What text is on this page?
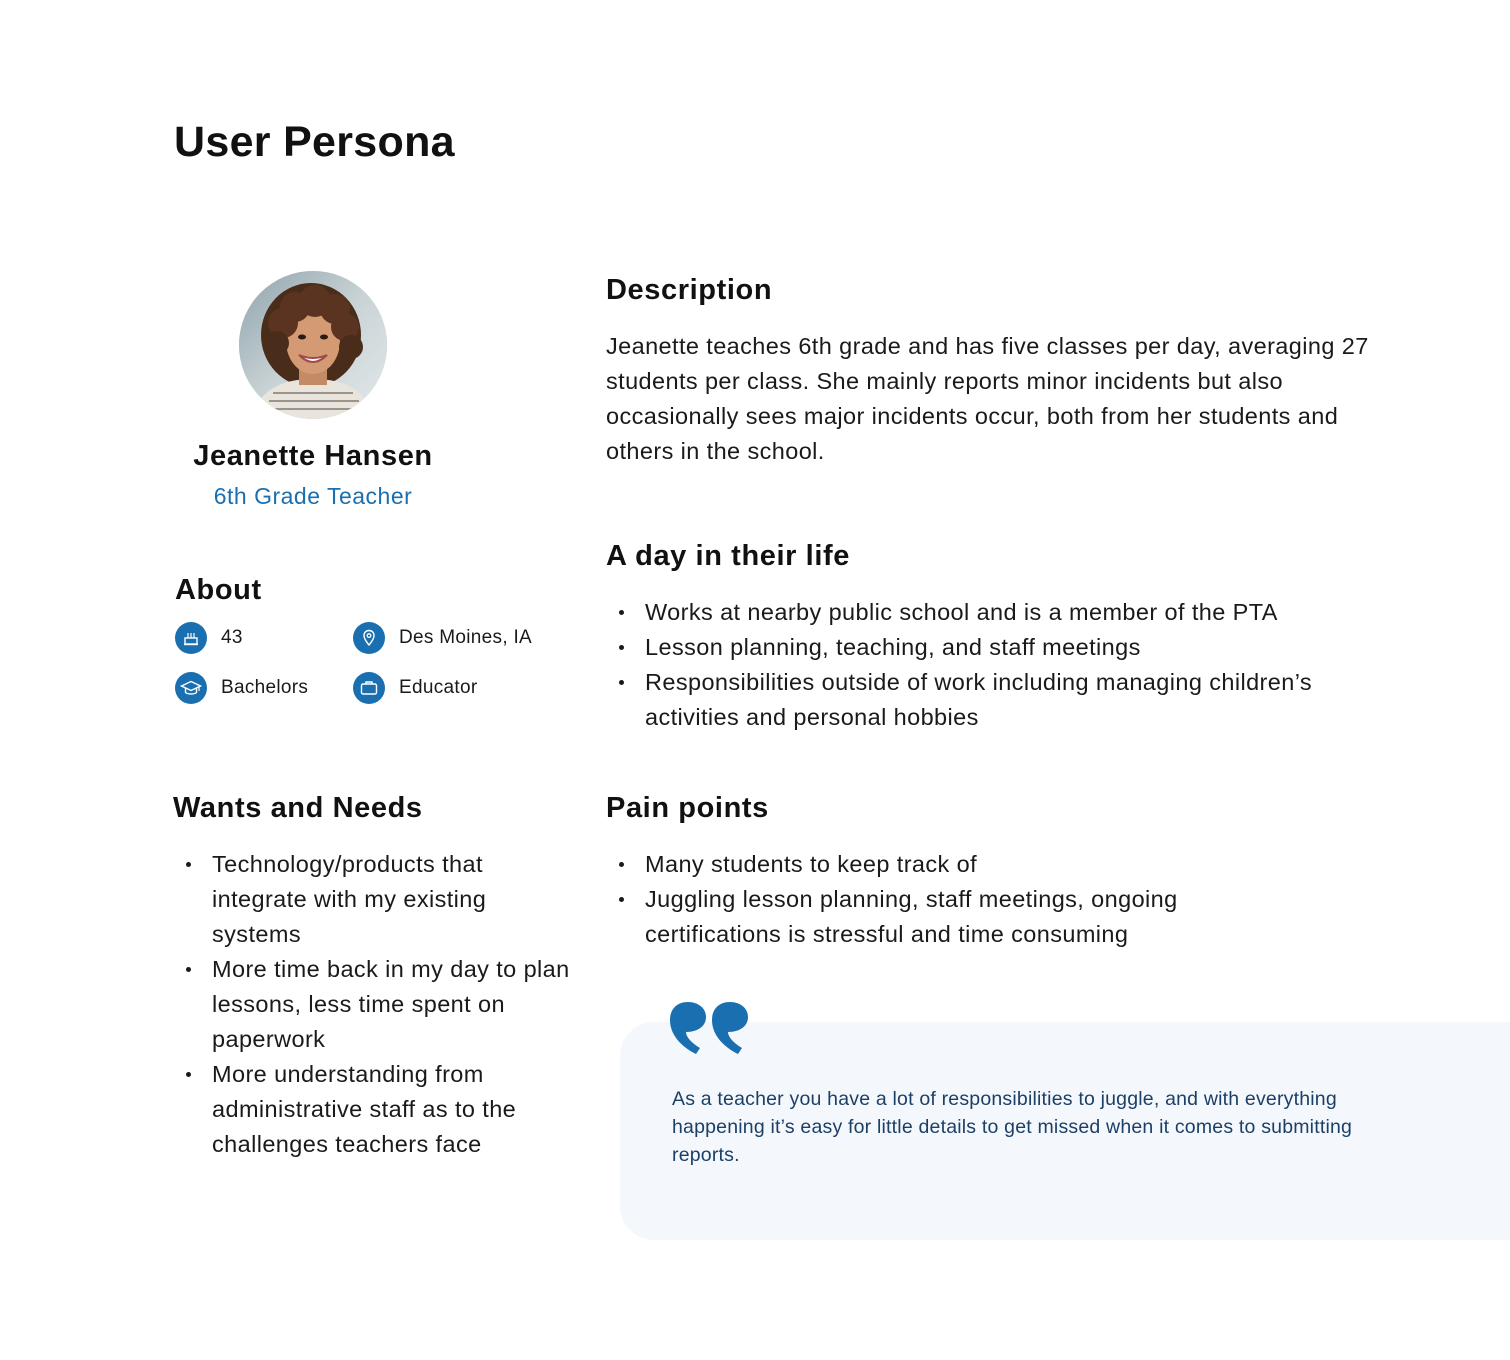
User Persona
Jeanette Hansen
6th Grade Teacher
About
43	Des Moines, IA
Bachelors	Educator
Wants and Needs
Technology/products that integrate with my existing systems
More time back in my day to plan lessons, less time spent on paperwork
More understanding from administrative staff as to the challenges teachers face
Description

Jeanette teaches 6th grade and has five classes per day, averaging 27 students per class. She mainly reports minor incidents but also occasionally sees major incidents occur, both from her students and others in the school.

A day in their life
Works at nearby public school and is a member of the PTA
Lesson planning, teaching, and staff meetings
Responsibilities outside of work including managing children’s activities and personal hobbies
Pain points
Many students to keep track of
Juggling lesson planning, staff meetings, ongoing certifications is stressful and time consuming

As a teacher you have a lot of responsibilities to juggle, and with everything happening it’s easy for little details to get missed when it comes to submitting reports.
